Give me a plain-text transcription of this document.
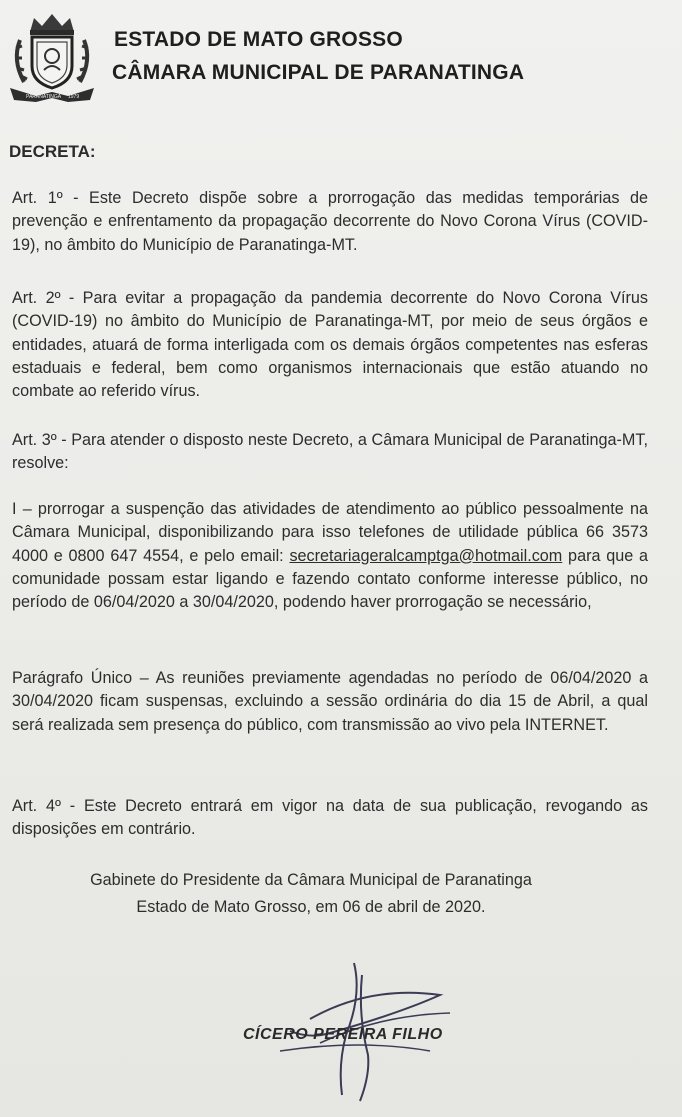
PARANATINGA 1979
ESTADO DE MATO GROSSO
CÂMARA MUNICIPAL DE PARANATINGA
DECRETA:
Art. 1º - Este Decreto dispõe sobre a prorrogação das medidas temporárias de prevenção e enfrentamento da propagação decorrente do Novo Corona Vírus (COVID-19), no âmbito do Município de Paranatinga-MT.
Art. 2º - Para evitar a propagação da pandemia decorrente do Novo Corona Vírus (COVID-19) no âmbito do Município de Paranatinga-MT, por meio de seus órgãos e entidades, atuará de forma interligada com os demais órgãos competentes nas esferas estaduais e federal, bem como organismos internacionais que estão atuando no combate ao referido vírus.
Art. 3º - Para atender o disposto neste Decreto, a Câmara Municipal de Paranatinga-MT, resolve:
I – prorrogar a suspenção das atividades de atendimento ao público pessoalmente na Câmara Municipal, disponibilizando para isso telefones de utilidade pública 66 3573 4000 e 0800 647 4554, e pelo email: secretariageralcamptga@hotmail.com para que a comunidade possam estar ligando e fazendo contato conforme interesse público, no período de 06/04/2020 a 30/04/2020, podendo haver prorrogação se necessário,
Parágrafo Único – As reuniões previamente agendadas no período de 06/04/2020 a 30/04/2020 ficam suspensas, excluindo a sessão ordinária do dia 15 de Abril, a qual será realizada sem presença do público, com transmissão ao vivo pela INTERNET.
Art. 4º - Este Decreto entrará em vigor na data de sua publicação, revogando as disposições em contrário.
Gabinete do Presidente da Câmara Municipal de Paranatinga
Estado de Mato Grosso, em 06 de abril de 2020.
CÍCERO PEREIRA FILHO
